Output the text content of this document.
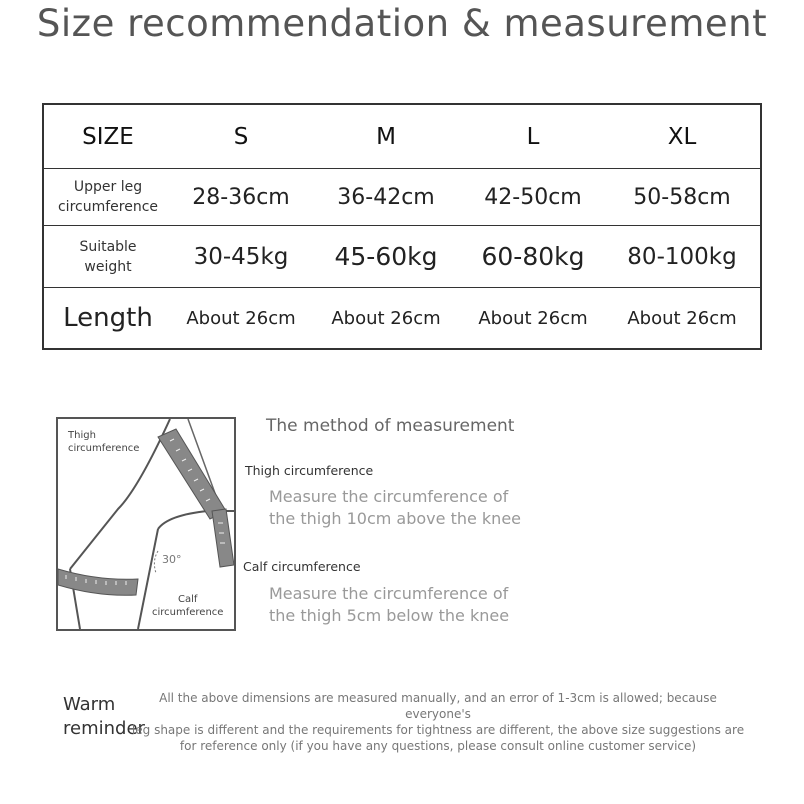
Size recommendation & measurement
SIZE	S	M	L	XL
Upper leg
circumference	28-36cm	36-42cm	42-50cm	50-58cm
Suitable
weight	30-45kg	45-60kg	60-80kg	80-100kg
Length	About 26cm	About 26cm	About 26cm	About 26cm
Thigh
circumference
30°
Calf
circumference
The method of measurement
Thigh circumference
Measure the circumference of
the thigh 10cm above the knee
Calf circumference
Measure the circumference of
the thigh 5cm below the knee
Warm
reminder
All the above dimensions are measured manually, and an error of 1-3cm is allowed; because everyone's
leg shape is different and the requirements for tightness are different, the above size suggestions are
for reference only (if you have any questions, please consult online customer service)
